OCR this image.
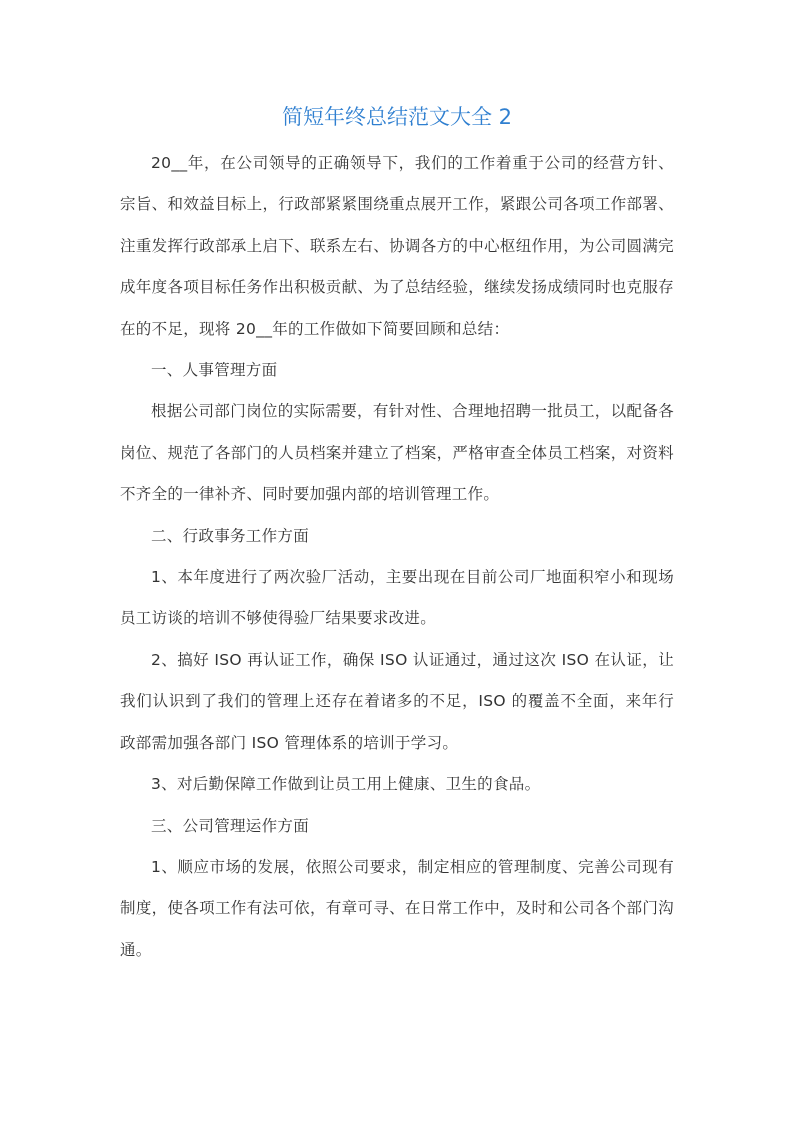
简短年终总结范文大全 2

20__年，在公司领导的正确领导下，我们的工作着重于公司的经营方针、宗旨、和效益目标上，行政部紧紧围绕重点展开工作，紧跟公司各项工作部署、注重发挥行政部承上启下、联系左右、协调各方的中心枢纽作用，为公司圆满完成年度各项目标任务作出积极贡献、为了总结经验，继续发扬成绩同时也克服存在的不足，现将 20__年的工作做如下简要回顾和总结：

一、人事管理方面

根据公司部门岗位的实际需要，有针对性、合理地招聘一批员工，以配备各岗位、规范了各部门的人员档案并建立了档案，严格审查全体员工档案，对资料不齐全的一律补齐、同时要加强内部的培训管理工作。

二、行政事务工作方面

1、本年度进行了两次验厂活动，主要出现在目前公司厂地面积窄小和现场员工访谈的培训不够使得验厂结果要求改进。

2、搞好 ISO 再认证工作，确保 ISO 认证通过，通过这次 ISO 在认证，让我们认识到了我们的管理上还存在着诸多的不足，ISO 的覆盖不全面，来年行政部需加强各部门 ISO 管理体系的培训于学习。

3、对后勤保障工作做到让员工用上健康、卫生的食品。

三、公司管理运作方面

1、顺应市场的发展，依照公司要求，制定相应的管理制度、完善公司现有制度，使各项工作有法可依，有章可寻、在日常工作中，及时和公司各个部门沟通。
